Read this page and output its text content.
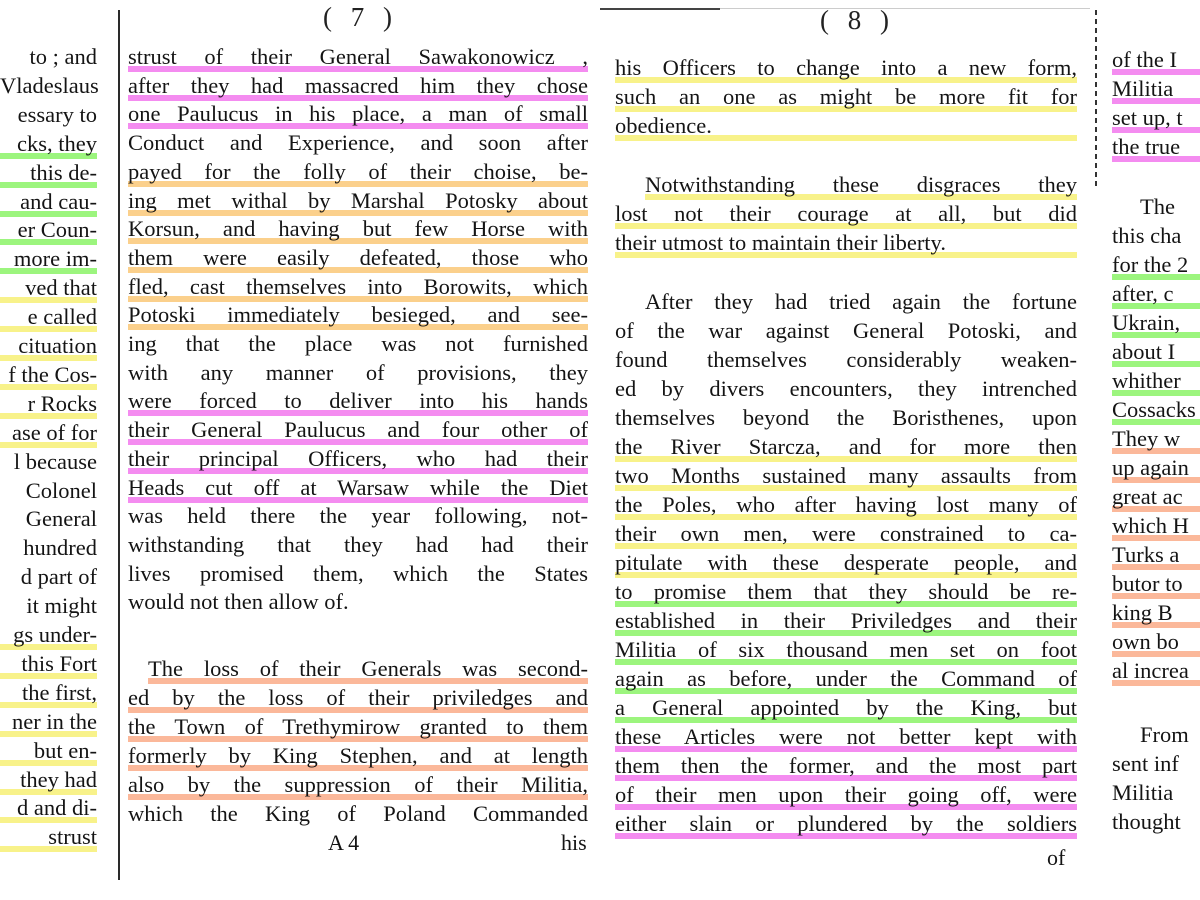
to ; and
Vladeslaus
essary to
cks, they
this de-
and cau-
er Coun-
more im-
ved that
e called
cituation
f the Cos-
r Rocks
ase of for
l because
Colonel
General
hundred
d part of
it might
gs under-
this Fort
the first,
ner in the
but en-
they had
d and di-
strust
( 7 )
strust of their General Sawakonowicz ,
after they had massacred him they chose
one Paulucus in his place, a man of small
Conduct and Experience, and soon after
payed for the folly of their choise, be-
ing met withal by Marshal Potosky about
Korsun, and having but few Horse with
them were easily defeated, those who
fled, cast themselves into Borowits, which
Potoski immediately besieged, and see-
ing that the place was not furnished
with any manner of provisions, they
were forced to deliver into his hands
their General Paulucus and four other of
their principal Officers, who had their
Heads cut off at Warsaw while the Diet
was held there the year following, not-
withstanding that they had had their
lives promised them, which the States
would not then allow of.
The loss of their Generals was second-
ed by the loss of their priviledges and
the Town of Trethymirow granted to them
formerly by King Stephen, and at length
also by the suppression of their Militia,
which the King of Poland Commanded
A 4	his
( 8 )
his Officers to change into a new form,
such an one as might be more fit for
obedience.
Notwithstanding these disgraces they
lost not their courage at all, but did
their utmost to maintain their liberty.
After they had tried again the fortune
of the war against General Potoski, and
found themselves considerably weaken-
ed by divers encounters, they intrenched
themselves beyond the Boristhenes, upon
the River Starcza, and for more then
two Months sustained many assaults from
the Poles, who after having lost many of
their own men, were constrained to ca-
pitulate with these desperate people, and
to promise them that they should be re-
established in their Priviledges and their
Militia of six thousand men set on foot
again as before, under the Command of
a General appointed by the King, but
these Articles were not better kept with
them then the former, and the most part
of their men upon their going off, were
either slain or plundered by the soldiers
of
of the I
Militia
set up, t
the true
The
this cha
for the 2
after, c
Ukrain,
about I
whither
Cossacks
They w
up again
great ac
which H
Turks a
butor to
king B
own bo
al increa
From
sent inf
Militia
thought
